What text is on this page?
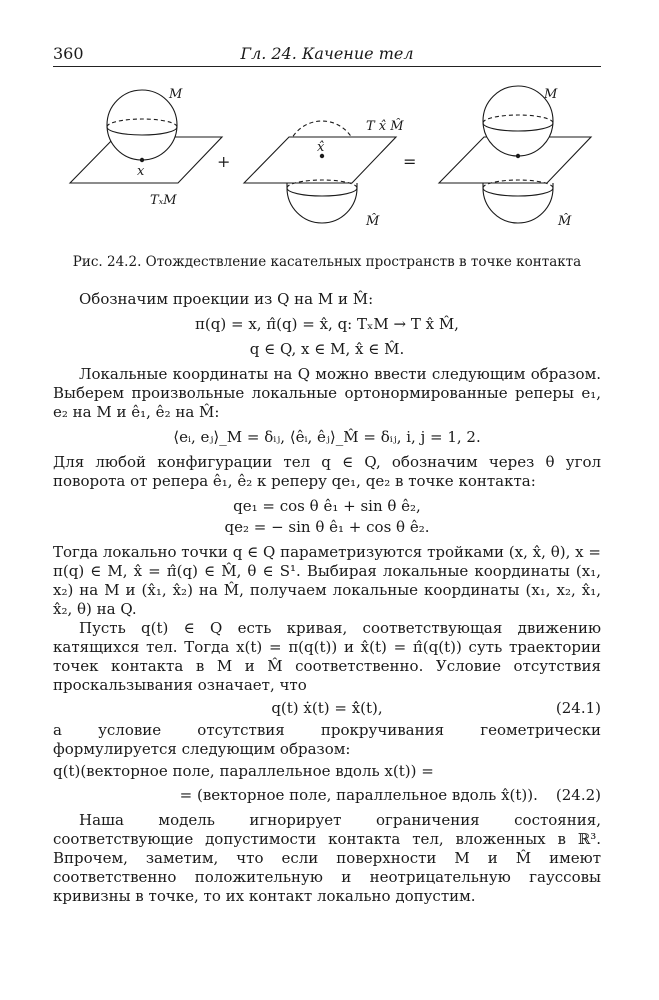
360	Гл. 24. Качение тел
M
x
TₓM
+
x̂
T x̂ M̂
M̂
=
M
M̂
Рис. 24.2. Отождествление касательных пространств в точке контакта

Обозначим проекции из Q на M и M̂:

π(q) = x, π̂(q) = x̂, q: TₓM → T x̂ M̂,
q ∈ Q, x ∈ M, x̂ ∈ M̂.

Локальные координаты на Q можно ввести следующим образом. Выберем произвольные локальные ортонормированные реперы e₁, e₂ на M и ê₁, ê₂ на M̂:

⟨eᵢ, eⱼ⟩_M = δᵢⱼ, ⟨êᵢ, êⱼ⟩_M̂ = δᵢⱼ, i, j = 1, 2.

Для любой конфигурации тел q ∈ Q, обозначим через θ угол поворота от репера ê₁, ê₂ к реперу qe₁, qe₂ в точке контакта:

qe₁ = cos θ ê₁ + sin θ ê₂,
qe₂ = − sin θ ê₁ + cos θ ê₂.

Тогда локально точки q ∈ Q параметризуются тройками (x, x̂, θ), x = π(q) ∈ M, x̂ = π̂(q) ∈ M̂, θ ∈ S¹. Выбирая локальные координаты (x₁, x₂) на M и (x̂₁, x̂₂) на M̂, получаем локальные координаты (x₁, x₂, x̂₁, x̂₂, θ) на Q.

Пусть q(t) ∈ Q есть кривая, соответствующая движению катящихся тел. Тогда x(t) = π(q(t)) и x̂(t) = π̂(q(t)) суть траектории точек контакта в M и M̂ соответственно. Условие отсутствия проскальзывания означает, что

q(t) ẋ(t) = x̂̇(t),	(24.1)

а условие отсутствия прокручивания геометрически формулируется следующим образом:

q(t)(векторное поле, параллельное вдоль x(t)) =
= (векторное поле, параллельное вдоль x̂(t)). (24.2)

Наша модель игнорирует ограничения состояния, соответствующие допустимости контакта тел, вложенных в ℝ³. Впрочем, заметим, что если поверхности M и M̂ имеют соответственно положительную и неотрицательную гауссовы кривизны в точке, то их контакт локально допустим.
